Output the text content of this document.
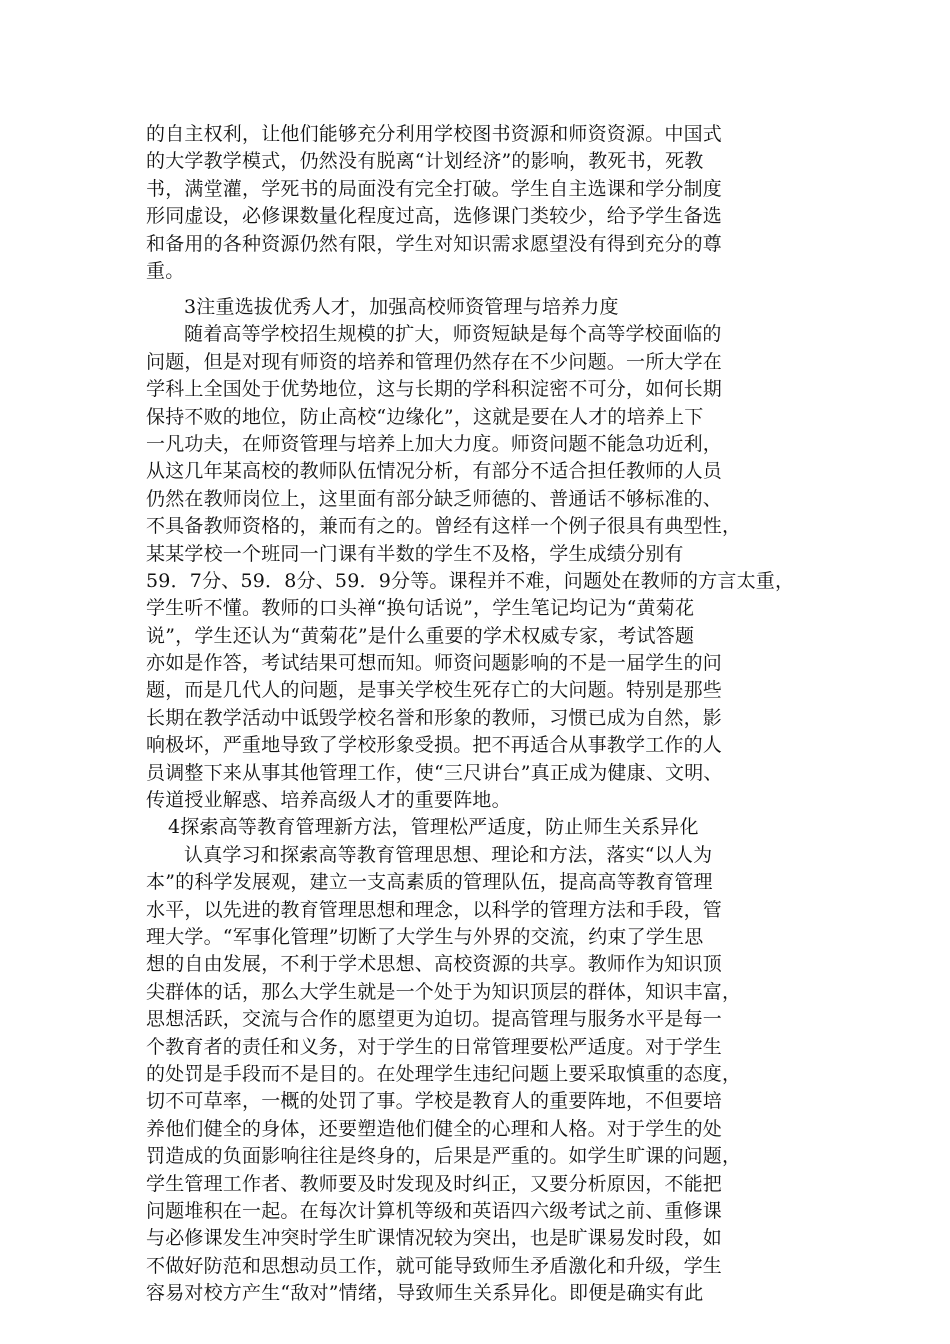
的自主权利，让他们能够充分利用学校图书资源和师资资源。中国式
的大学教学模式，仍然没有脱离“计划经济”的影响，教死书，死教
书，满堂灌，学死书的局面没有完全打破。学生自主选课和学分制度
形同虚设，必修课数量化程度过高，选修课门类较少，给予学生备选
和备用的各种资源仍然有限，学生对知识需求愿望没有得到充分的尊
重。
3注重选拔优秀人才，加强高校师资管理与培养力度
随着高等学校招生规模的扩大，师资短缺是每个高等学校面临的
问题，但是对现有师资的培养和管理仍然存在不少问题。一所大学在
学科上全国处于优势地位，这与长期的学科积淀密不可分，如何长期
保持不败的地位，防止高校“边缘化”，这就是要在人才的培养上下
一凡功夫，在师资管理与培养上加大力度。师资问题不能急功近利，
从这几年某高校的教师队伍情况分析，有部分不适合担任教师的人员
仍然在教师岗位上，这里面有部分缺乏师德的、普通话不够标准的、
不具备教师资格的，兼而有之的。曾经有这样一个例子很具有典型性，
某某学校一个班同一门课有半数的学生不及格，学生成绩分别有
59．7分、59．8分、59．9分等。课程并不难，问题处在教师的方言太重，
学生听不懂。教师的口头禅“换句话说”，学生笔记均记为“黄菊花
说”，学生还认为“黄菊花”是什么重要的学术权威专家，考试答题
亦如是作答，考试结果可想而知。师资问题影响的不是一届学生的问
题，而是几代人的问题，是事关学校生死存亡的大问题。特别是那些
长期在教学活动中诋毁学校名誉和形象的教师，习惯已成为自然，影
响极坏，严重地导致了学校形象受损。把不再适合从事教学工作的人
员调整下来从事其他管理工作，使“三尺讲台”真正成为健康、文明、
传道授业解惑、培养高级人才的重要阵地。
4探索高等教育管理新方法，管理松严适度，防止师生关系异化
认真学习和探索高等教育管理思想、理论和方法，落实“以人为
本”的科学发展观，建立一支高素质的管理队伍，提高高等教育管理
水平，以先进的教育管理思想和理念，以科学的管理方法和手段，管
理大学。“军事化管理”切断了大学生与外界的交流，约束了学生思
想的自由发展，不利于学术思想、高校资源的共享。教师作为知识顶
尖群体的话，那么大学生就是一个处于为知识顶层的群体，知识丰富，
思想活跃，交流与合作的愿望更为迫切。提高管理与服务水平是每一
个教育者的责任和义务，对于学生的日常管理要松严适度。对于学生
的处罚是手段而不是目的。在处理学生违纪问题上要采取慎重的态度，
切不可草率，一概的处罚了事。学校是教育人的重要阵地，不但要培
养他们健全的身体，还要塑造他们健全的心理和人格。对于学生的处
罚造成的负面影响往往是终身的，后果是严重的。如学生旷课的问题，
学生管理工作者、教师要及时发现及时纠正，又要分析原因，不能把
问题堆积在一起。在每次计算机等级和英语四六级考试之前、重修课
与必修课发生冲突时学生旷课情况较为突出，也是旷课易发时段，如
不做好防范和思想动员工作，就可能导致师生矛盾激化和升级，学生
容易对校方产生“敌对”情绪，导致师生关系异化。即便是确实有此
